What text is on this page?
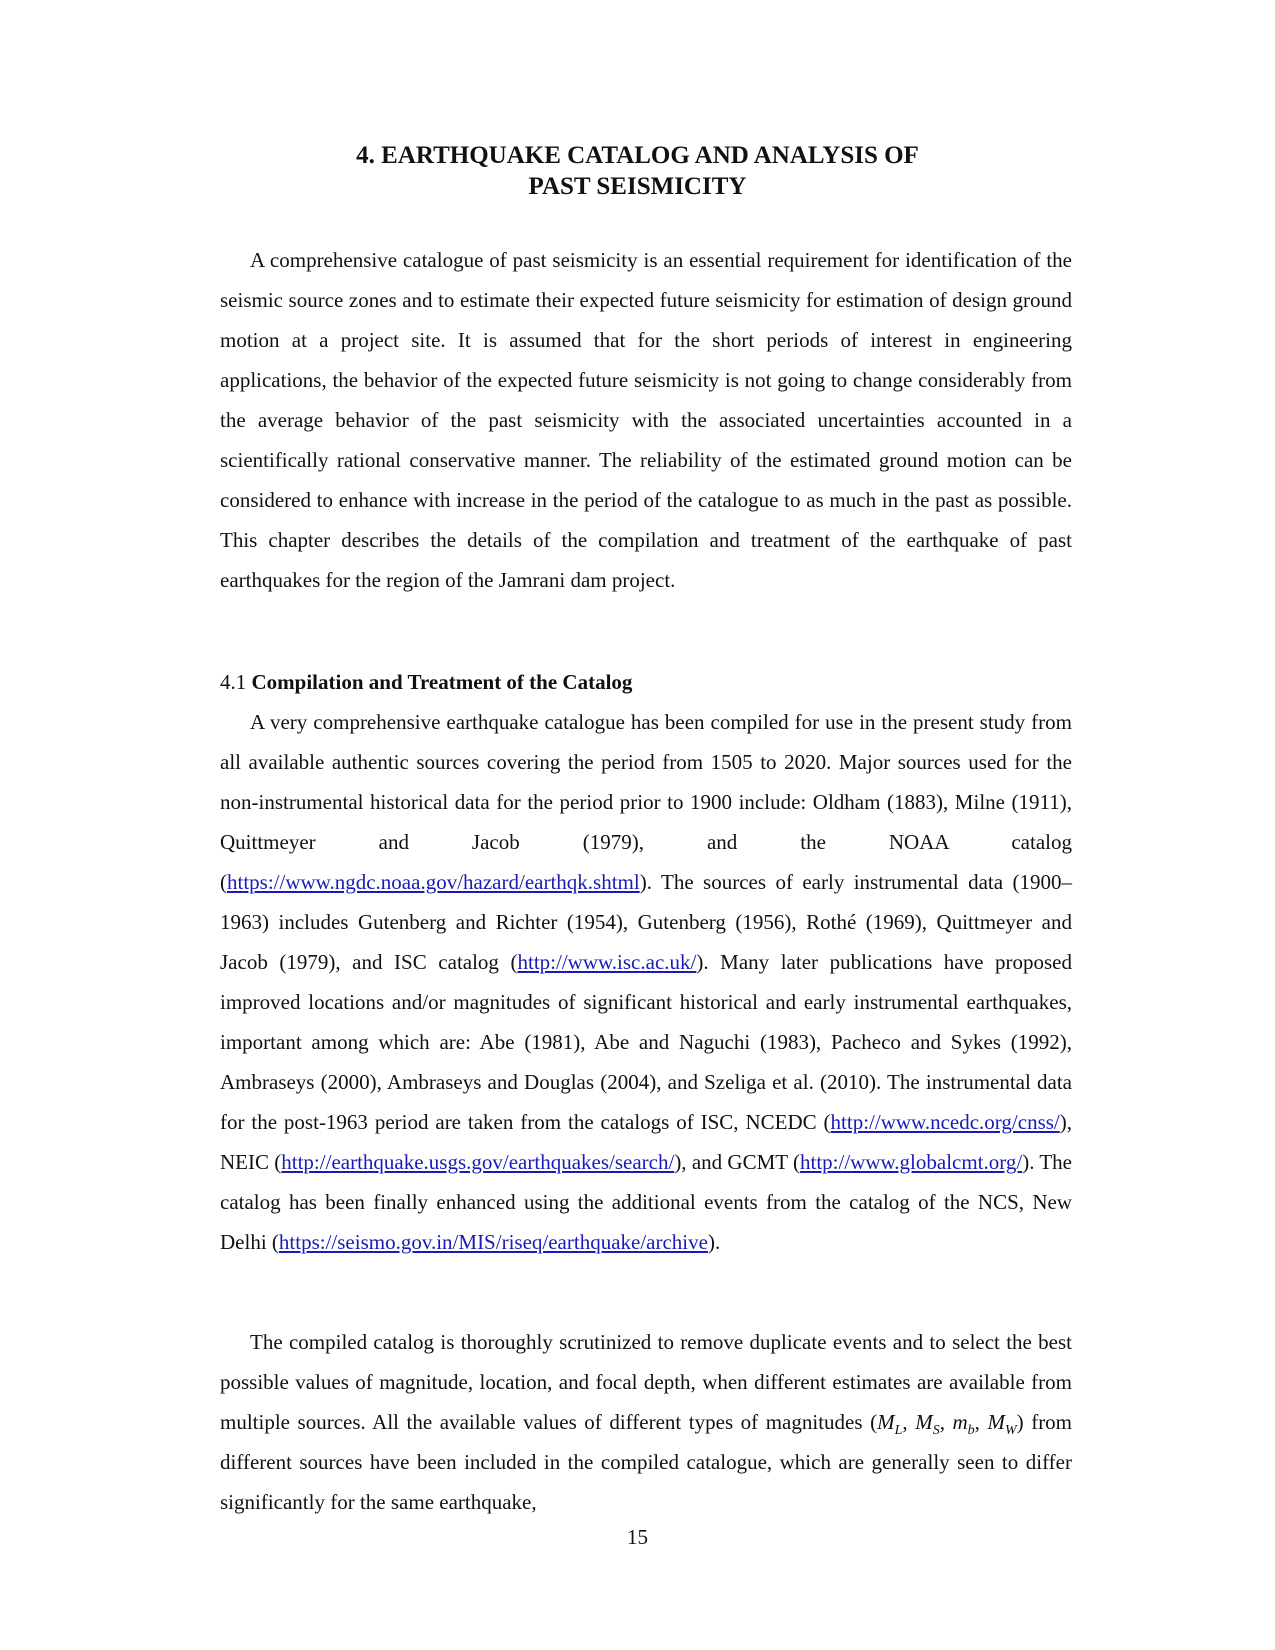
4. EARTHQUAKE CATALOG AND ANALYSIS OF
PAST SEISMICITY

A comprehensive catalogue of past seismicity is an essential requirement for identification of the seismic source zones and to estimate their expected future seismicity for estimation of design ground motion at a project site. It is assumed that for the short periods of interest in engineering applications, the behavior of the expected future seismicity is not going to change considerably from the average behavior of the past seismicity with the associated uncertainties accounted in a scientifically rational conservative manner. The reliability of the estimated ground motion can be considered to enhance with increase in the period of the catalogue to as much in the past as possible. This chapter describes the details of the compilation and treatment of the earthquake of past earthquakes for the region of the Jamrani dam project.

4.1 Compilation and Treatment of the Catalog

A very comprehensive earthquake catalogue has been compiled for use in the present study from all available authentic sources covering the period from 1505 to 2020. Major sources used for the non-instrumental historical data for the period prior to 1900 include: Oldham (1883), Milne (1911), Quittmeyer and Jacob (1979), and the NOAA catalog (https://www.ngdc.noaa.gov/hazard/earthqk.shtml). The sources of early instrumental data (1900–1963) includes Gutenberg and Richter (1954), Gutenberg (1956), Rothé (1969), Quittmeyer and Jacob (1979), and ISC catalog (http://www.isc.ac.uk/). Many later publications have proposed improved locations and/or magnitudes of significant historical and early instrumental earthquakes, important among which are: Abe (1981), Abe and Naguchi (1983), Pacheco and Sykes (1992), Ambraseys (2000), Ambraseys and Douglas (2004), and Szeliga et al. (2010). The instrumental data for the post-1963 period are taken from the catalogs of ISC, NCEDC (http://www.ncedc.org/cnss/), NEIC (http://earthquake.usgs.gov/earthquakes/search/), and GCMT (http://www.globalcmt.org/). The catalog has been finally enhanced using the additional events from the catalog of the NCS, New Delhi (https://seismo.gov.in/MIS/riseq/earthquake/archive).

The compiled catalog is thoroughly scrutinized to remove duplicate events and to select the best possible values of magnitude, location, and focal depth, when different estimates are available from multiple sources. All the available values of different types of magnitudes ($M_L$, $M_S$, $m_b$, $M_W$) from different sources have been included in the compiled catalogue, which are generally seen to differ significantly for the same earthquake,

15
